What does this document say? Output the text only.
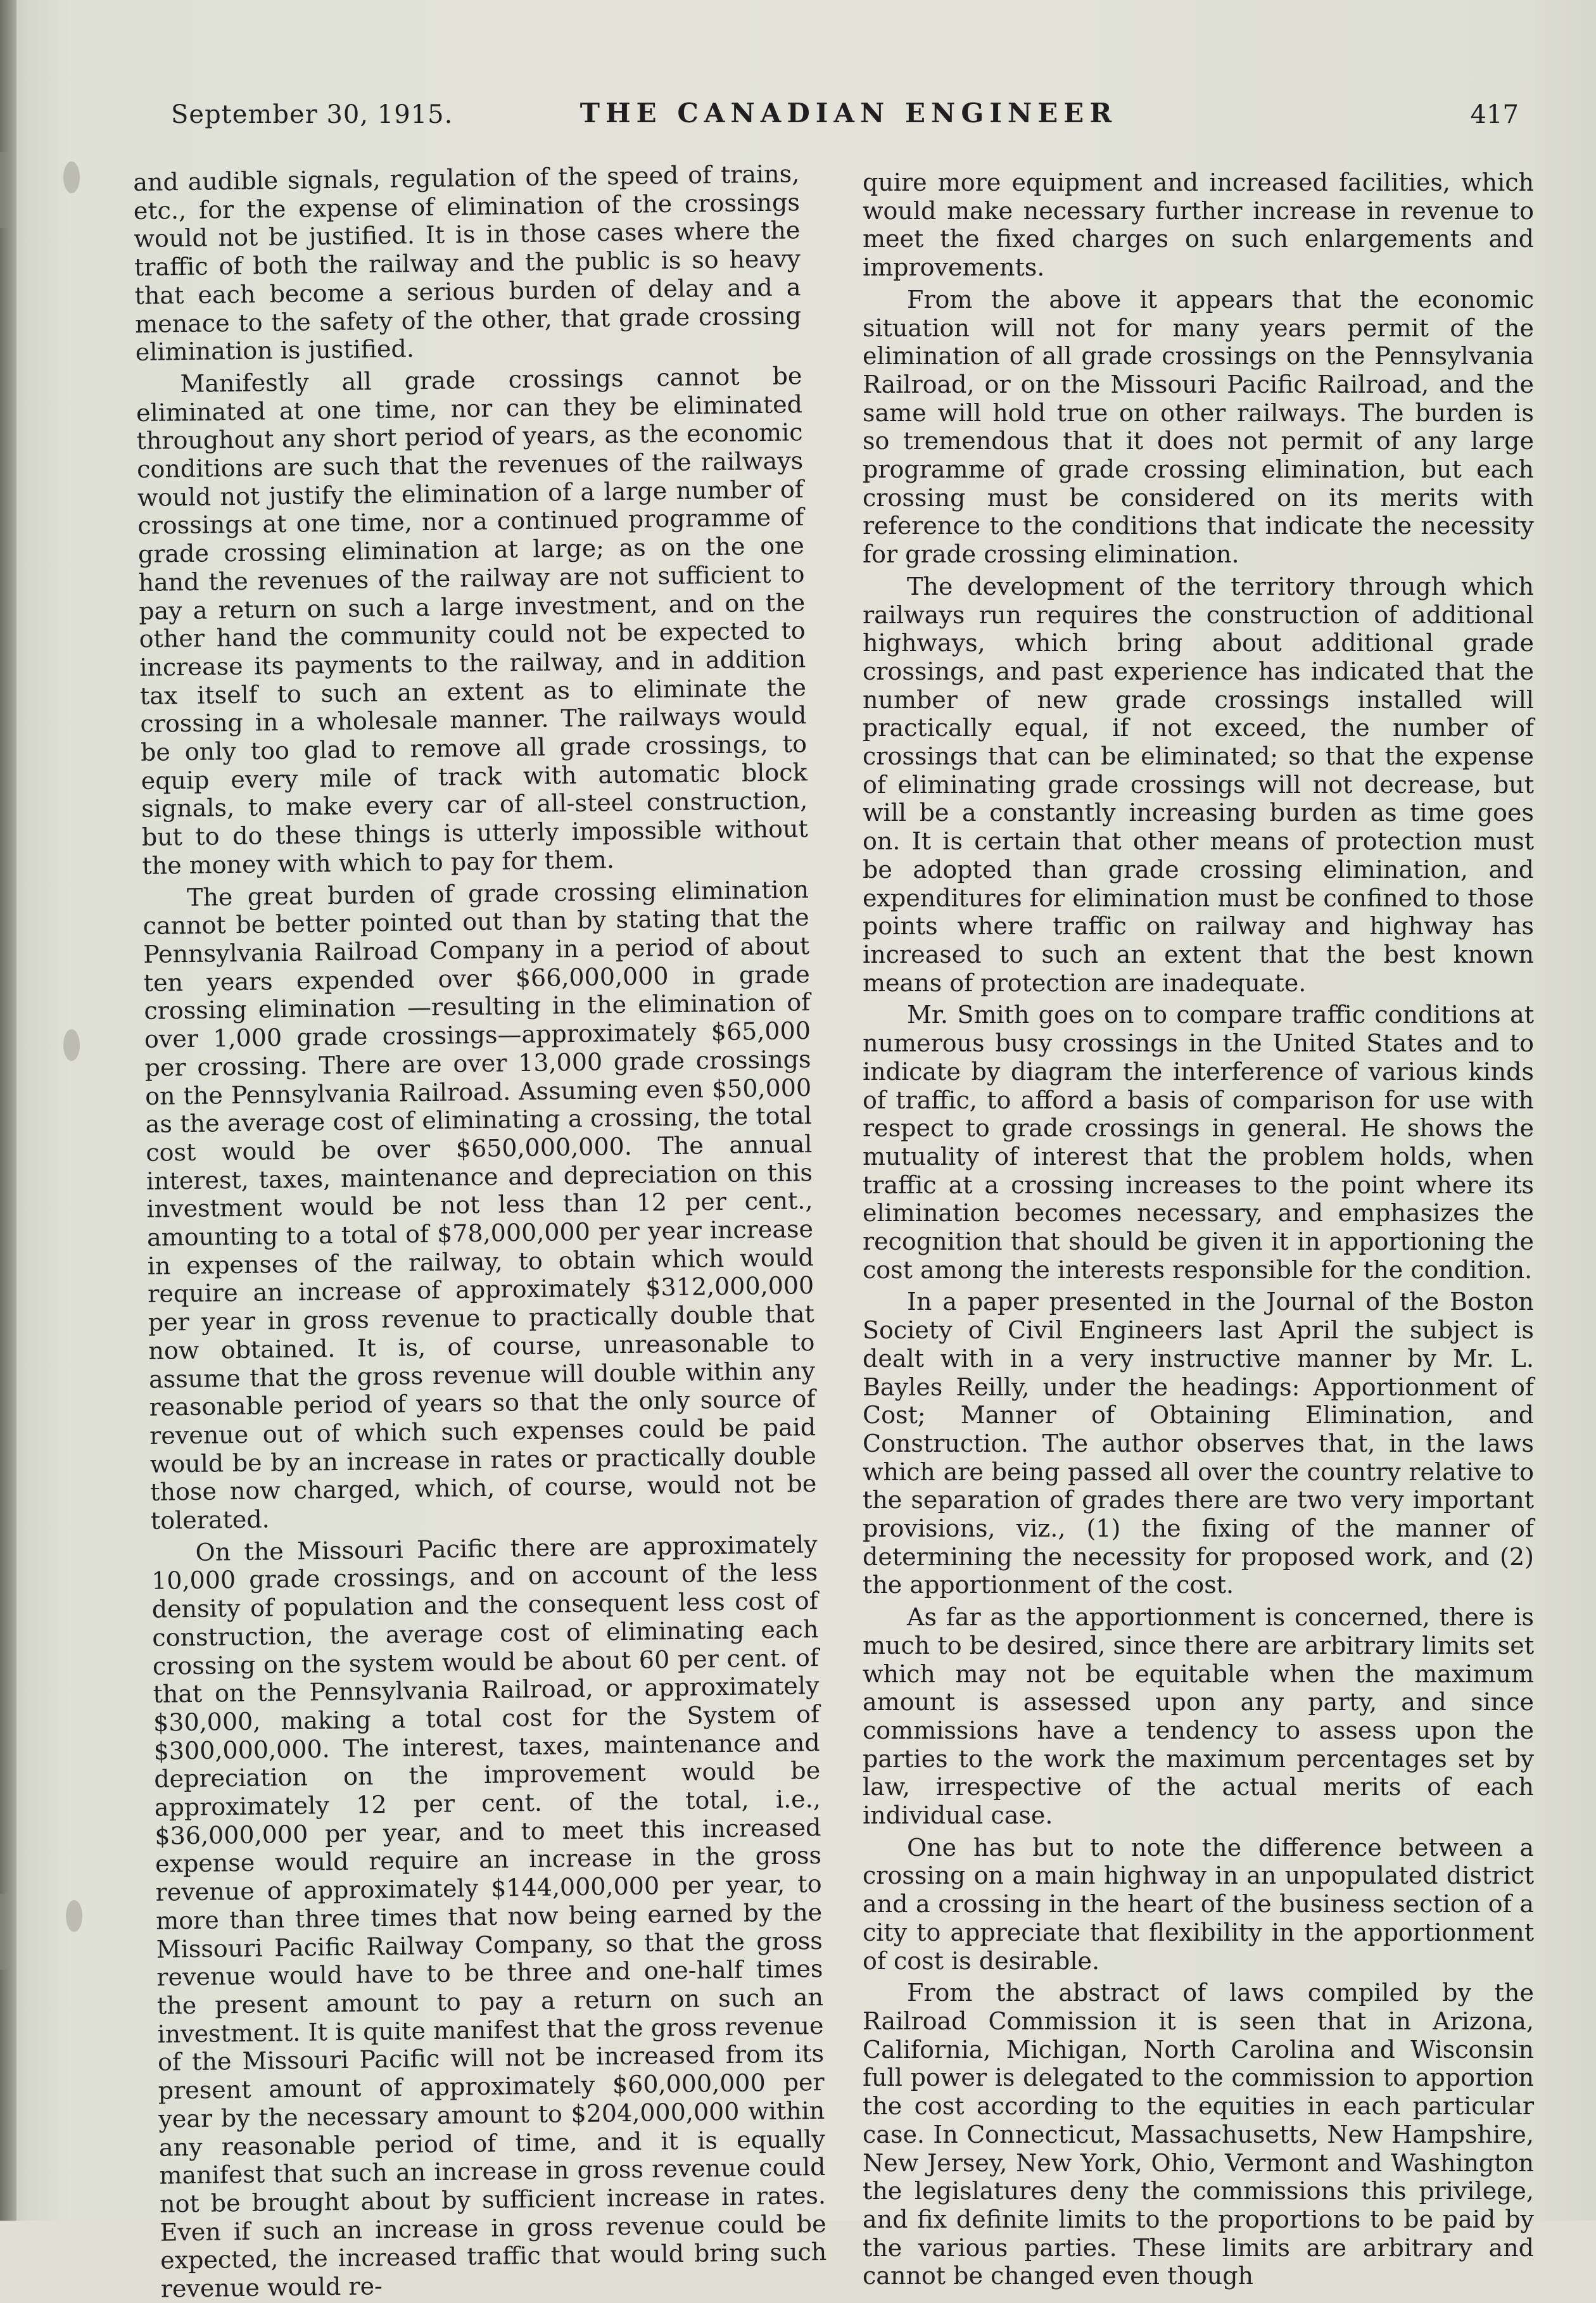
September 30, 1915.	THE CANADIAN ENGINEER	417

and audible signals, regulation of the speed of trains, etc., for the expense of elimination of the crossings would not be justified. It is in those cases where the traffic of both the railway and the public is so heavy that each become a serious burden of delay and a menace to the safety of the other, that grade crossing elimination is justified.

Manifestly all grade crossings cannot be eliminated at one time, nor can they be eliminated throughout any short period of years, as the economic conditions are such that the revenues of the railways would not justify the elimination of a large number of crossings at one time, nor a continued programme of grade crossing elimination at large; as on the one hand the revenues of the railway are not sufficient to pay a return on such a large investment, and on the other hand the community could not be expected to increase its payments to the railway, and in addition tax itself to such an extent as to eliminate the crossing in a wholesale manner. The railways would be only too glad to remove all grade crossings, to equip every mile of track with automatic block signals, to make every car of all-steel construction, but to do these things is utterly impossible without the money with which to pay for them.

The great burden of grade crossing elimination cannot be better pointed out than by stating that the Pennsylvania Railroad Company in a period of about ten years expended over $66,000,000 in grade crossing elimination —resulting in the elimination of over 1,000 grade crossings—approximately $65,000 per crossing. There are over 13,000 grade crossings on the Pennsylvania Railroad. Assuming even $50,000 as the average cost of eliminating a crossing, the total cost would be over $650,000,000. The annual interest, taxes, maintenance and depreciation on this investment would be not less than 12 per cent., amounting to a total of $78,000,000 per year increase in expenses of the railway, to obtain which would require an increase of approximately $312,000,000 per year in gross revenue to practically double that now obtained. It is, of course, unreasonable to assume that the gross revenue will double within any reasonable period of years so that the only source of revenue out of which such expenses could be paid would be by an increase in rates or practically double those now charged, which, of course, would not be tolerated.

On the Missouri Pacific there are approximately 10,000 grade crossings, and on account of the less density of population and the consequent less cost of construction, the average cost of eliminating each crossing on the system would be about 60 per cent. of that on the Pennsylvania Railroad, or approximately $30,000, making a total cost for the System of $300,000,000. The interest, taxes, maintenance and depreciation on the improvement would be approximately 12 per cent. of the total, i.e., $36,000,000 per year, and to meet this increased expense would require an increase in the gross revenue of approximately $144,000,000 per year, to more than three times that now being earned by the Missouri Pacific Railway Company, so that the gross revenue would have to be three and one-half times the present amount to pay a return on such an investment. It is quite manifest that the gross revenue of the Missouri Pacific will not be increased from its present amount of approximately $60,000,000 per year by the necessary amount to $204,000,000 within any reasonable period of time, and it is equally manifest that such an increase in gross revenue could not be brought about by sufficient increase in rates. Even if such an increase in gross revenue could be expected, the increased traffic that would bring such revenue would re-

quire more equipment and increased facilities, which would make necessary further increase in revenue to meet the fixed charges on such enlargements and improvements.

From the above it appears that the economic situation will not for many years permit of the elimination of all grade crossings on the Pennsylvania Railroad, or on the Missouri Pacific Railroad, and the same will hold true on other railways. The burden is so tremendous that it does not permit of any large programme of grade crossing elimination, but each crossing must be considered on its merits with reference to the conditions that indicate the necessity for grade crossing elimination.

The development of the territory through which railways run requires the construction of additional highways, which bring about additional grade crossings, and past experience has indicated that the number of new grade crossings installed will practically equal, if not exceed, the number of crossings that can be eliminated; so that the expense of eliminating grade crossings will not decrease, but will be a constantly increasing burden as time goes on. It is certain that other means of protection must be adopted than grade crossing elimination, and expenditures for elimination must be confined to those points where traffic on railway and highway has increased to such an extent that the best known means of protection are inadequate.

Mr. Smith goes on to compare traffic conditions at numerous busy crossings in the United States and to indicate by diagram the interference of various kinds of traffic, to afford a basis of comparison for use with respect to grade crossings in general. He shows the mutuality of interest that the problem holds, when traffic at a crossing increases to the point where its elimination becomes necessary, and emphasizes the recognition that should be given it in apportioning the cost among the interests responsible for the condition.

In a paper presented in the Journal of the Boston Society of Civil Engineers last April the subject is dealt with in a very instructive manner by Mr. L. Bayles Reilly, under the headings: Apportionment of Cost; Manner of Obtaining Elimination, and Construction. The author observes that, in the laws which are being passed all over the country relative to the separation of grades there are two very important provisions, viz., (1) the fixing of the manner of determining the necessity for proposed work, and (2) the apportionment of the cost.

As far as the apportionment is concerned, there is much to be desired, since there are arbitrary limits set which may not be equitable when the maximum amount is assessed upon any party, and since commissions have a tendency to assess upon the parties to the work the maximum percentages set by law, irrespective of the actual merits of each individual case.

One has but to note the difference between a crossing on a main highway in an unpopulated district and a crossing in the heart of the business section of a city to appreciate that flexibility in the apportionment of cost is desirable.

From the abstract of laws compiled by the Railroad Commission it is seen that in Arizona, California, Michigan, North Carolina and Wisconsin full power is delegated to the commission to apportion the cost according to the equities in each particular case. In Connecticut, Massachusetts, New Hampshire, New Jersey, New York, Ohio, Vermont and Washington the legislatures deny the commissions this privilege, and fix definite limits to the proportions to be paid by the various parties. These limits are arbitrary and cannot be changed even though
